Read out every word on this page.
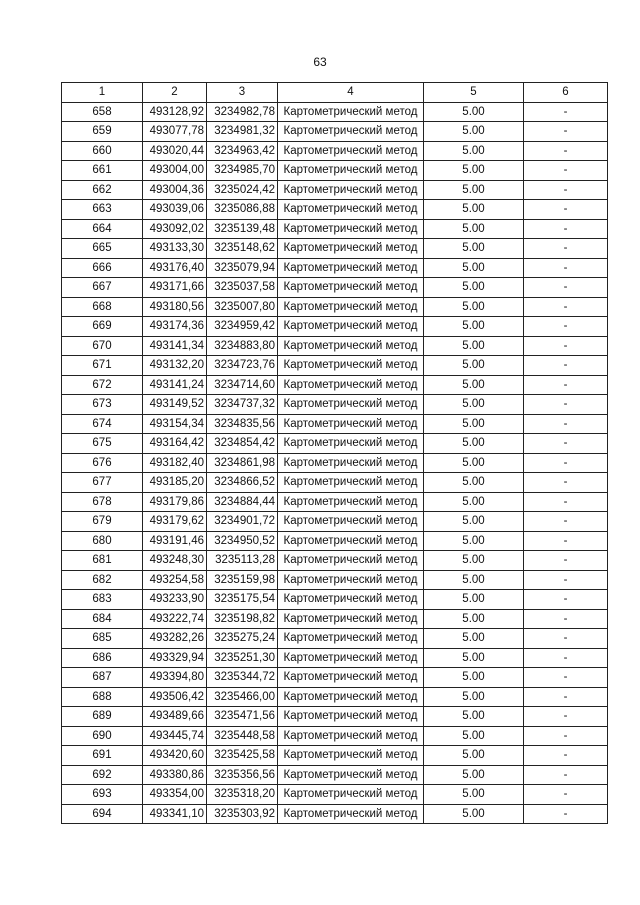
63
1	2	3	4	5	6
658	493128,92	3234982,78	Картометрический метод	5.00	-
659	493077,78	3234981,32	Картометрический метод	5.00	-
660	493020,44	3234963,42	Картометрический метод	5.00	-
661	493004,00	3234985,70	Картометрический метод	5.00	-
662	493004,36	3235024,42	Картометрический метод	5.00	-
663	493039,06	3235086,88	Картометрический метод	5.00	-
664	493092,02	3235139,48	Картометрический метод	5.00	-
665	493133,30	3235148,62	Картометрический метод	5.00	-
666	493176,40	3235079,94	Картометрический метод	5.00	-
667	493171,66	3235037,58	Картометрический метод	5.00	-
668	493180,56	3235007,80	Картометрический метод	5.00	-
669	493174,36	3234959,42	Картометрический метод	5.00	-
670	493141,34	3234883,80	Картометрический метод	5.00	-
671	493132,20	3234723,76	Картометрический метод	5.00	-
672	493141,24	3234714,60	Картометрический метод	5.00	-
673	493149,52	3234737,32	Картометрический метод	5.00	-
674	493154,34	3234835,56	Картометрический метод	5.00	-
675	493164,42	3234854,42	Картометрический метод	5.00	-
676	493182,40	3234861,98	Картометрический метод	5.00	-
677	493185,20	3234866,52	Картометрический метод	5.00	-
678	493179,86	3234884,44	Картометрический метод	5.00	-
679	493179,62	3234901,72	Картометрический метод	5.00	-
680	493191,46	3234950,52	Картометрический метод	5.00	-
681	493248,30	3235113,28	Картометрический метод	5.00	-
682	493254,58	3235159,98	Картометрический метод	5.00	-
683	493233,90	3235175,54	Картометрический метод	5.00	-
684	493222,74	3235198,82	Картометрический метод	5.00	-
685	493282,26	3235275,24	Картометрический метод	5.00	-
686	493329,94	3235251,30	Картометрический метод	5.00	-
687	493394,80	3235344,72	Картометрический метод	5.00	-
688	493506,42	3235466,00	Картометрический метод	5.00	-
689	493489,66	3235471,56	Картометрический метод	5.00	-
690	493445,74	3235448,58	Картометрический метод	5.00	-
691	493420,60	3235425,58	Картометрический метод	5.00	-
692	493380,86	3235356,56	Картометрический метод	5.00	-
693	493354,00	3235318,20	Картометрический метод	5.00	-
694	493341,10	3235303,92	Картометрический метод	5.00	-
